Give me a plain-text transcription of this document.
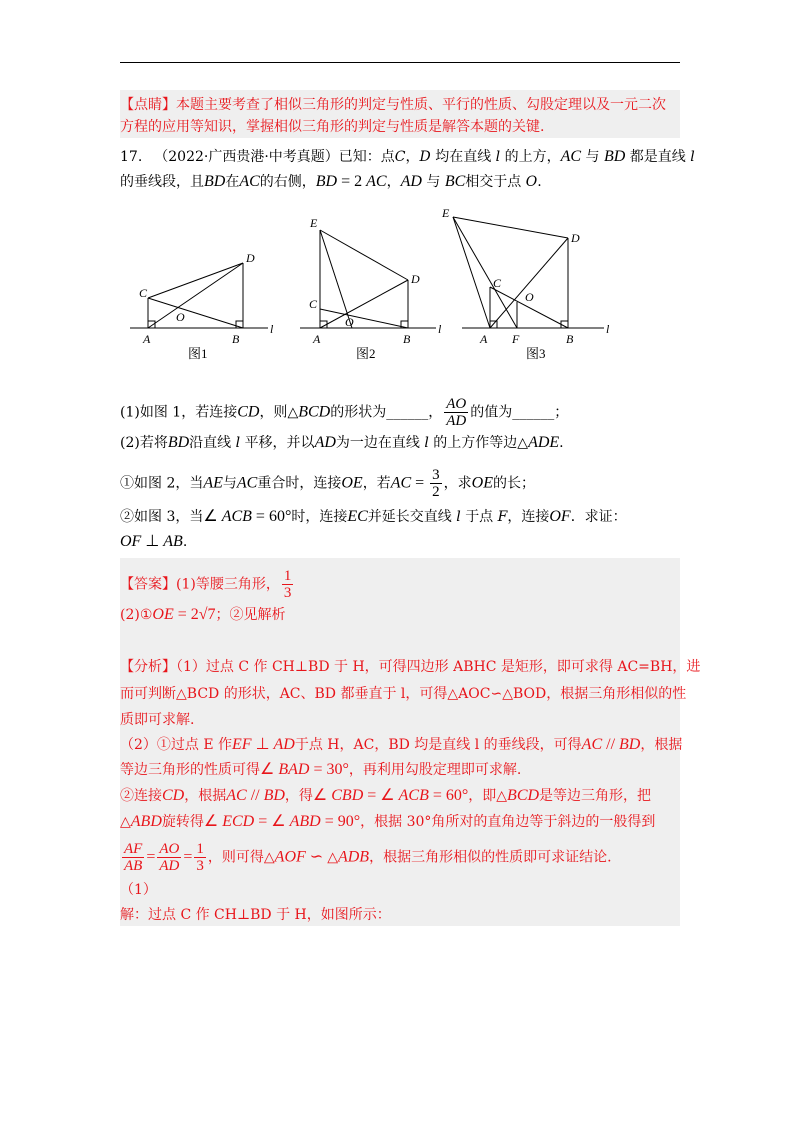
【点睛】本题主要考查了相似三角形的判定与性质、平行的性质、勾股定理以及一元二次
方程的应用等知识，掌握相似三角形的判定与性质是解答本题的关键.
17. （2022·广西贵港·中考真题）已知：点C，D 均在直线 l 的上方，AC 与 BD 都是直线 l
的垂线段，且BD在AC的右侧，BD = 2 AC，AD 与 BC相交于点 O.
C
D
O
A	B
l
图1
E
D
C
O
A	B
l
图2
E
D
C
O
A F	B
l
图3
(1)如图 1，若连接CD，则△BCD的形状为______， $\frac{AO}{AD}$ 的值为______；
(2)若将BD沿直线 l 平移，并以AD为一边在直线 l 的上方作等边△ADE.
①如图 2，当AE与AC重合时，连接OE，若AC = $\frac{3}{2}$ ，求OE的长；
②如图 3，当∠ ACB = 60°时，连接EC并延长交直线 l 于点 F，连接OF．求证：
OF ⊥ AB.
【答案】(1)等腰三角形， $\frac{1}{3}$
(2)①OE = 2√7；②见解析
【分析】（1）过点 C 作 CH⊥BD 于 H，可得四边形 ABHC 是矩形，即可求得 AC=BH，进
而可判断△BCD 的形状，AC、BD 都垂直于 l，可得△AOC∽△BOD，根据三角形相似的性
质即可求解.
（2）①过点 E 作EF ⊥ AD于点 H，AC，BD 均是直线 l 的垂线段，可得AC // BD，根据
等边三角形的性质可得∠ BAD = 30°，再利用勾股定理即可求解.
②连接CD，根据AC // BD，得∠ CBD = ∠ ACB = 60°，即△BCD是等边三角形，把
△ABD旋转得∠ ECD = ∠ ABD = 90°，根据 30°角所对的直角边等于斜边的一般得到
$\frac{AF}{AB} = \frac{AO}{AD} = \frac{1}{3}$ ，则可得△AOF ∽ △ADB，根据三角形相似的性质即可求证结论.
（1）
解：过点 C 作 CH⊥BD 于 H，如图所示：
